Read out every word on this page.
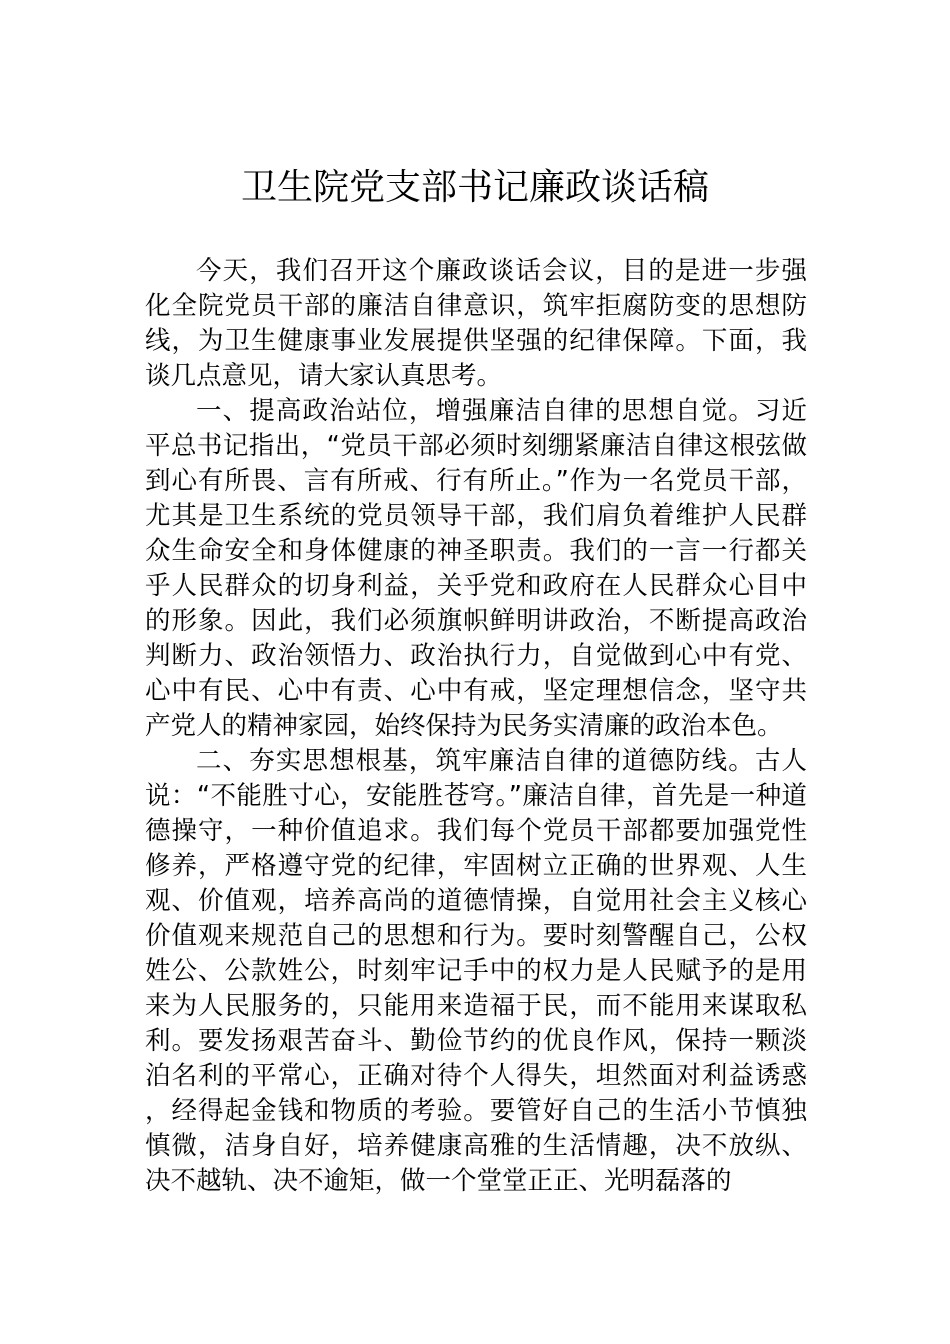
卫生院党支部书记廉政谈话稿

今天，我们召开这个廉政谈话会议，目的是进一步强化全院党员干部的廉洁自律意识，筑牢拒腐防变的思想防线，为卫生健康事业发展提供坚强的纪律保障。下面，我谈几点意见，请大家认真思考。

一、提高政治站位，增强廉洁自律的思想自觉。习近平总书记指出，“党员干部必须时刻绷紧廉洁自律这根弦做到心有所畏、言有所戒、行有所止。”作为一名党员干部，尤其是卫生系统的党员领导干部，我们肩负着维护人民群众生命安全和身体健康的神圣职责。我们的一言一行都关乎人民群众的切身利益，关乎党和政府在人民群众心目中的形象。因此，我们必须旗帜鲜明讲政治，不断提高政治判断力、政治领悟力、政治执行力，自觉做到心中有党、心中有民、心中有责、心中有戒，坚定理想信念，坚守共产党人的精神家园，始终保持为民务实清廉的政治本色。

二、夯实思想根基，筑牢廉洁自律的道德防线。古人说：“不能胜寸心，安能胜苍穹。”廉洁自律，首先是一种道德操守，一种价值追求。我们每个党员干部都要加强党性修养，严格遵守党的纪律，牢固树立正确的世界观、人生观、价值观，培养高尚的道德情操，自觉用社会主义核心价值观来规范自己的思想和行为。要时刻警醒自己，公权姓公、公款姓公，时刻牢记手中的权力是人民赋予的是用来为人民服务的，只能用来造福于民，而不能用来谋取私利。要发扬艰苦奋斗、勤俭节约的优良作风，保持一颗淡泊名利的平常心，正确对待个人得失，坦然面对利益诱惑，经得起金钱和物质的考验。要管好自己的生活小节慎独慎微，洁身自好，培养健康高雅的生活情趣，决不放纵、决不越轨、决不逾矩，做一个堂堂正正、光明磊落的
